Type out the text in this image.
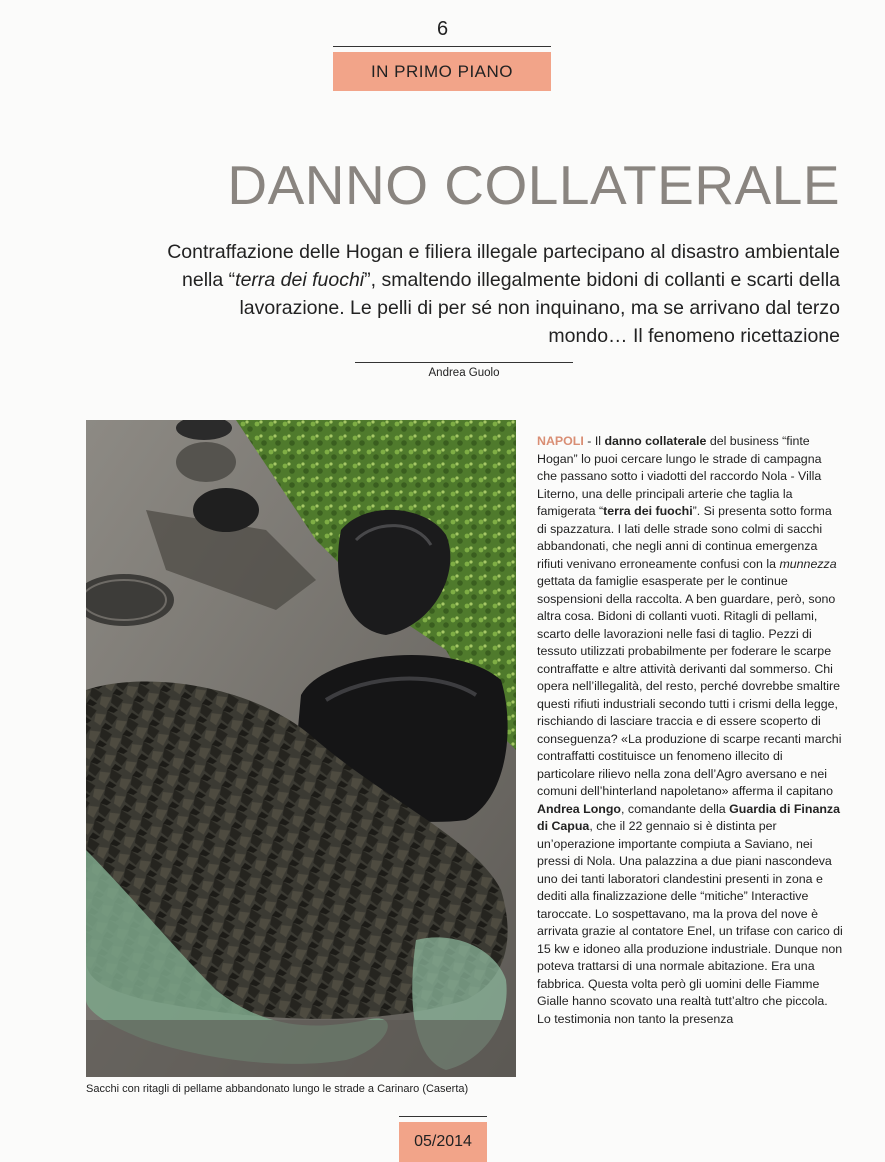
6
IN PRIMO PIANO
DANNO COLLATERALE
Contraffazione delle Hogan e filiera illegale partecipano al disastro ambientale nella “terra dei fuochi”, smaltendo illegalmente bidoni di collanti e scarti della lavorazione. Le pelli di per sé non inquinano, ma se arrivano dal terzo mondo… Il fenomeno ricettazione
Andrea Guolo
Sacchi con ritagli di pellame abbandonato lungo le strade a Carinaro (Caserta)

NAPOLI - Il danno collaterale del business “finte Hogan” lo puoi cercare lungo le strade di campagna che passano sotto i viadotti del raccordo Nola - Villa Literno, una delle principali arterie che taglia la famigerata “terra dei fuochi”. Si presenta sotto forma di spazzatura. I lati delle strade sono colmi di sacchi abbandonati, che negli anni di continua emergenza rifiuti venivano erroneamente confusi con la munnezza gettata da famiglie esasperate per le continue sospensioni della raccolta. A ben guardare, però, sono altra cosa. Bidoni di collanti vuoti. Ritagli di pellami, scarto delle lavorazioni nelle fasi di taglio. Pezzi di tessuto utilizzati probabilmente per foderare le scarpe contraffatte e altre attività derivanti dal sommerso. Chi opera nell’illegalità, del resto, perché dovrebbe smaltire questi rifiuti industriali secondo tutti i crismi della legge, rischiando di lasciare traccia e di essere scoperto di conseguenza? «La produzione di scarpe recanti marchi contraffatti costituisce un fenomeno illecito di particolare rilievo nella zona dell’Agro aversano e nei comuni dell’hinterland napoletano» afferma il capitano Andrea Longo, comandante della Guardia di Finanza di Capua, che il 22 gennaio si è distinta per un’operazione importante compiuta a Saviano, nei pressi di Nola. Una palazzina a due piani nascondeva uno dei tanti laboratori clandestini presenti in zona e dediti alla finalizzazione delle “mitiche” Interactive taroccate. Lo sospettavano, ma la prova del nove è arrivata grazie al contatore Enel, un trifase con carico di 15 kw e idoneo alla produzione industriale. Dunque non poteva trattarsi di una normale abitazione. Era una fabbrica. Questa volta però gli uomini delle Fiamme Gialle hanno scovato una realtà tutt’altro che piccola. Lo testimonia non tanto la presenza

05/2014
